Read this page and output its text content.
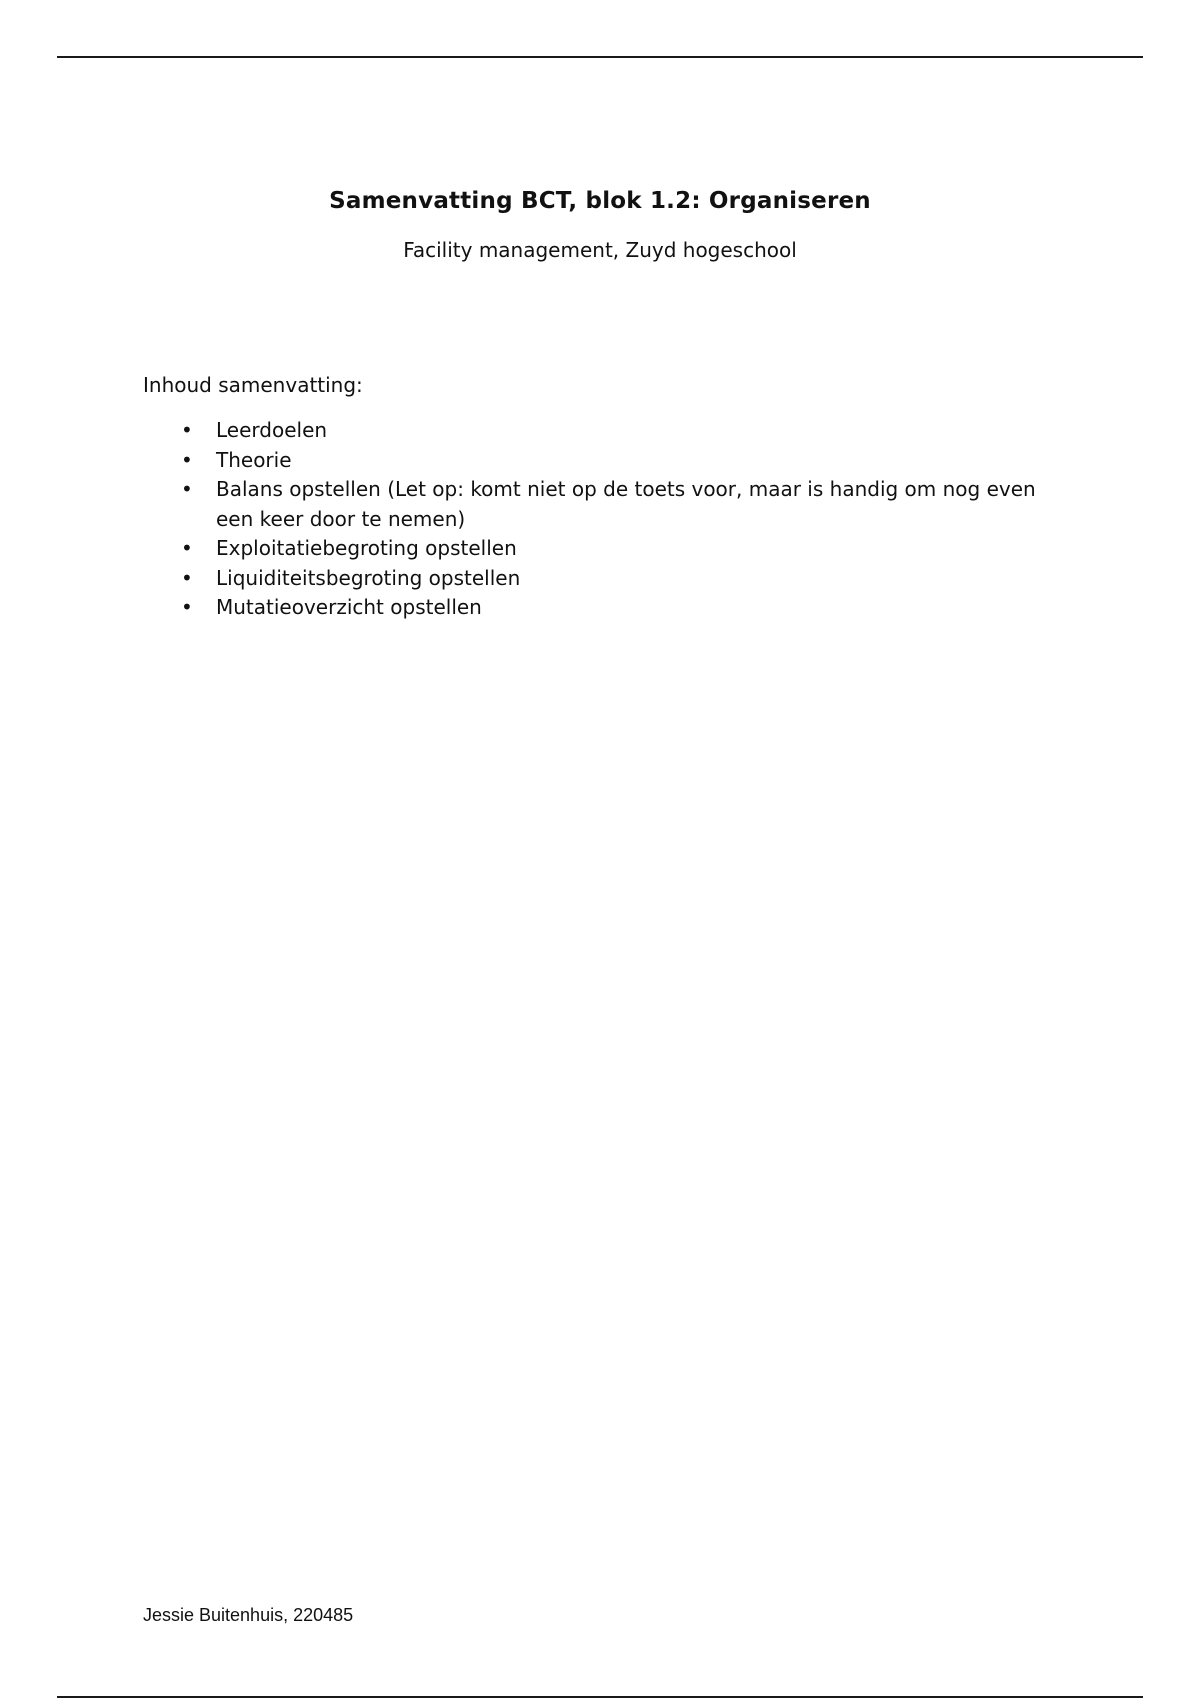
Samenvatting BCT, blok 1.2: Organiseren
Facility management, Zuyd hogeschool
Inhoud samenvatting:
• Leerdoelen
• Theorie
• Balans opstellen (Let op: komt niet op de toets voor, maar is handig om nog even een keer door te nemen)
• Exploitatiebegroting opstellen
• Liquiditeitsbegroting opstellen
• Mutatieoverzicht opstellen
Jessie Buitenhuis, 220485
